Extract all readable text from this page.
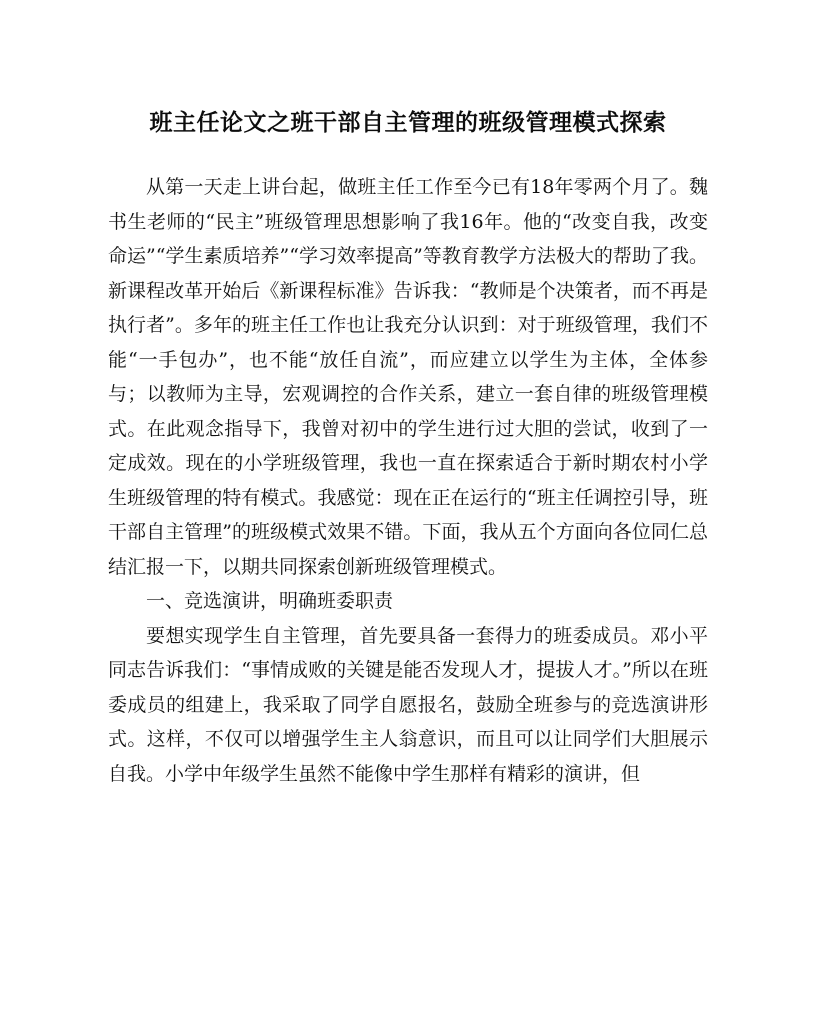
班主任论文之班干部自主管理的班级管理模式探索

从第一天走上讲台起，做班主任工作至今已有18年零两个月了。魏书生老师的“民主”班级管理思想影响了我16年。他的“改变自我，改变命运”“学生素质培养”“学习效率提高”等教育教学方法极大的帮助了我。新课程改革开始后《新课程标准》告诉我：“教师是个决策者，而不再是执行者”。多年的班主任工作也让我充分认识到：对于班级管理，我们不能“一手包办”，也不能“放任自流”，而应建立以学生为主体，全体参与；以教师为主导，宏观调控的合作关系，建立一套自律的班级管理模式。在此观念指导下，我曾对初中的学生进行过大胆的尝试，收到了一定成效。现在的小学班级管理，我也一直在探索适合于新时期农村小学生班级管理的特有模式。我感觉：现在正在运行的“班主任调控引导，班干部自主管理”的班级模式效果不错。下面，我从五个方面向各位同仁总结汇报一下，以期共同探索创新班级管理模式。

一、竞选演讲，明确班委职责

要想实现学生自主管理，首先要具备一套得力的班委成员。邓小平同志告诉我们：“事情成败的关键是能否发现人才，提拔人才。”所以在班委成员的组建上，我采取了同学自愿报名，鼓励全班参与的竞选演讲形式。这样，不仅可以增强学生主人翁意识，而且可以让同学们大胆展示自我。小学中年级学生虽然不能像中学生那样有精彩的演讲，但
